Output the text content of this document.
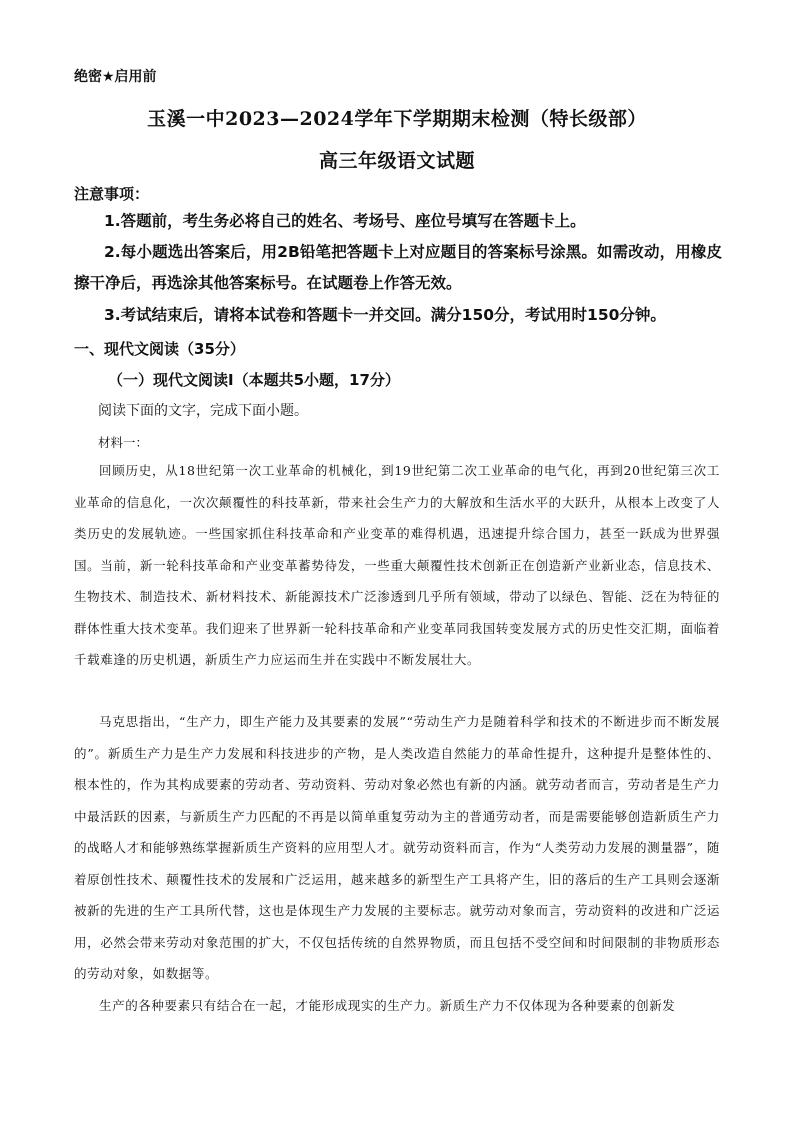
绝密★启用前
玉溪一中2023—2024学年下学期期末检测（特长级部）
高三年级语文试题
注意事项：
1.答题前，考生务必将自己的姓名、考场号、座位号填写在答题卡上。
2.每小题选出答案后，用2B铅笔把答题卡上对应题目的答案标号涂黑。如需改动，用橡皮擦干净后，再选涂其他答案标号。在试题卷上作答无效。
3.考试结束后，请将本试卷和答题卡一并交回。满分150分，考试用时150分钟。
一、现代文阅读（35分）
（一）现代文阅读Ⅰ（本题共5小题，17分）
阅读下面的文字，完成下面小题。
材料一：
回顾历史，从18世纪第一次工业革命的机械化，到19世纪第二次工业革命的电气化，再到20世纪第三次工业革命的信息化，一次次颠覆性的科技革新，带来社会生产力的大解放和生活水平的大跃升，从根本上改变了人类历史的发展轨迹。一些国家抓住科技革命和产业变革的难得机遇，迅速提升综合国力，甚至一跃成为世界强国。当前，新一轮科技革命和产业变革蓄势待发，一些重大颠覆性技术创新正在创造新产业新业态，信息技术、生物技术、制造技术、新材料技术、新能源技术广泛渗透到几乎所有领域，带动了以绿色、智能、泛在为特征的群体性重大技术变革。我们迎来了世界新一轮科技革命和产业变革同我国转变发展方式的历史性交汇期，面临着千载难逢的历史机遇，新质生产力应运而生并在实践中不断发展壮大。
马克思指出，“生产力，即生产能力及其要素的发展”“劳动生产力是随着科学和技术的不断进步而不断发展的”。新质生产力是生产力发展和科技进步的产物，是人类改造自然能力的革命性提升，这种提升是整体性的、根本性的，作为其构成要素的劳动者、劳动资料、劳动对象必然也有新的内涵。就劳动者而言，劳动者是生产力中最活跃的因素，与新质生产力匹配的不再是以简单重复劳动为主的普通劳动者，而是需要能够创造新质生产力的战略人才和能够熟练掌握新质生产资料的应用型人才。就劳动资料而言，作为“人类劳动力发展的测量器”，随着原创性技术、颠覆性技术的发展和广泛运用，越来越多的新型生产工具将产生，旧的落后的生产工具则会逐渐被新的先进的生产工具所代替，这也是体现生产力发展的主要标志。就劳动对象而言，劳动资料的改进和广泛运用，必然会带来劳动对象范围的扩大，不仅包括传统的自然界物质，而且包括不受空间和时间限制的非物质形态的劳动对象，如数据等。
生产的各种要素只有结合在一起，才能形成现实的生产力。新质生产力不仅体现为各种要素的创新发
